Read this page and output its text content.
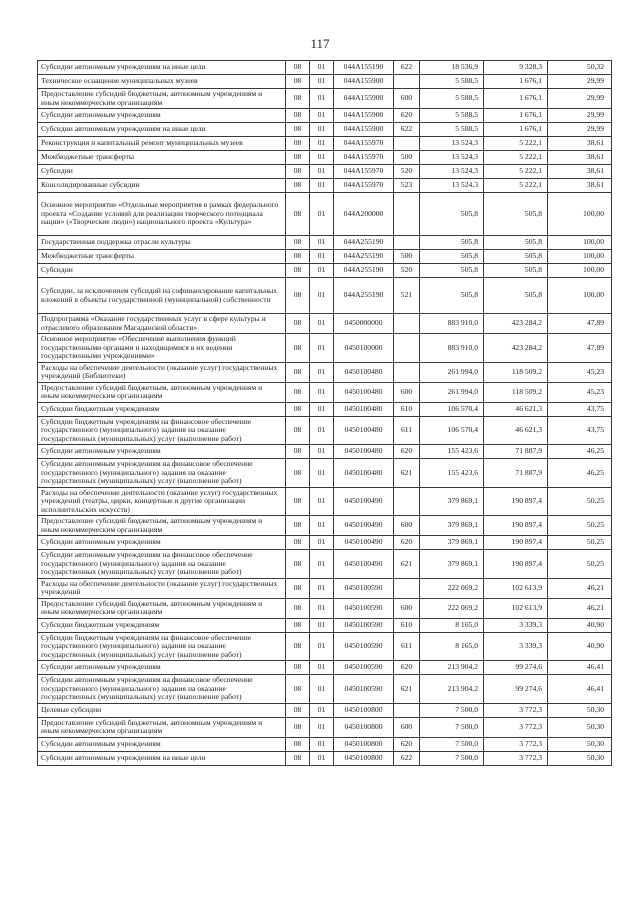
117
Субсидии автономным учреждениям на иные цели	08	01	044A155190	622	18 536,9	9 328,3	50,32
Техническое оснащение муниципальных музеев	08	01	044A155900		5 588,5	1 676,1	29,99
Предоставление субсидий бюджетным, автономным учреждениям и иным некоммерческим организациям	08	01	044A155900	600	5 588,5	1 676,1	29,99
Субсидии автономным учреждениям	08	01	044A155900	620	5 588,5	1 676,1	29,99
Субсидии автономным учреждениям на иные цели	08	01	044A155900	622	5 588,5	1 676,1	29,99
Реконструкция и капитальный ремонт муниципальных музеев	08	01	044A155970		13 524,3	5 222,1	38,61
Межбюджетные трансферты	08	01	044A155970	500	13 524,3	5 222,1	38,61
Субсидии	08	01	044A155970	520	13 524,3	5 222,1	38,61
Консолидированные субсидии	08	01	044A155970	523	13 524,3	5 222,1	38,61
Основное мероприятие «Отдельные мероприятия в рамках федерального проекта «Создание условий для реализации творческого потенциала нации» («Творческие люди») национального проекта «Культура»	08	01	044A200000		505,8	505,8	100,00
Государственная поддержка отрасли культуры	08	01	044A255190		505,8	505,8	100,00
Межбюджетные трансферты	08	01	044A255190	500	505,8	505,8	100,00
Субсидии	08	01	044A255190	520	505,8	505,8	100,00
Субсидии, за исключением субсидий на софинансирование капитальных вложений в объекты государственной (муниципальной) собственности	08	01	044A255190	521	505,8	505,8	100,00
Подпрограмма «Оказание государственных услуг в сфере культуры и отраслевого образования Магаданской области»	08	01	0450000000		883 910,0	423 284,2	47,89
Основное мероприятие «Обеспечение выполнения функций государственными органами и находящимися в их ведении государственными учреждениями»	08	01	0450100000		883 910,0	423 284,2	47,89
Расходы на обеспечение деятельности (оказание услуг) государственных учреждений (Библиотеки)	08	01	0450100480		261 994,0	118 509,2	45,23
Предоставление субсидий бюджетным, автономным учреждениям и иным некоммерческим организациям	08	01	0450100480	600	261 994,0	118 509,2	45,23
Субсидии бюджетным учреждениям	08	01	0450100480	610	106 570,4	46 621,3	43,75
Субсидии бюджетным учреждениям на финансовое обеспечение государственного (муниципального) задания на оказание государственных (муниципальных) услуг (выполнение работ)	08	01	0450100480	611	106 570,4	46 621,3	43,75
Субсидии автономным учреждениям	08	01	0450100480	620	155 423,6	71 887,9	46,25
Субсидии автономным учреждениям на финансовое обеспечение государственного (муниципального) задания на оказание государственных (муниципальных) услуг (выполнение работ)	08	01	0450100480	621	155 423,6	71 887,9	46,25
Расходы на обеспечение деятельности (оказание услуг) государственных учреждений (театры, цирки, концертные и другие организации исполнительских искусств)	08	01	0450100490		379 869,1	190 897,4	50,25
Предоставление субсидий бюджетным, автономным учреждениям и иным некоммерческим организациям	08	01	0450100490	600	379 869,1	190 897,4	50,25
Субсидии автономным учреждениям	08	01	0450100490	620	379 869,1	190 897,4	50,25
Субсидии автономным учреждениям на финансовое обеспечение государственного (муниципального) задания на оказание государственных (муниципальных) услуг (выполнение работ)	08	01	0450100490	621	379 869,1	190 897,4	50,25
Расходы на обеспечение деятельности (оказание услуг) государственных учреждений	08	01	0450100590		222 069,2	102 613,9	46,21
Предоставление субсидий бюджетным, автономным учреждениям и иным некоммерческим организациям	08	01	0450100590	600	222 069,2	102 613,9	46,21
Субсидии бюджетным учреждениям	08	01	0450100590	610	8 165,0	3 339,3	40,90
Субсидии бюджетным учреждениям на финансовое обеспечение государственного (муниципального) задания на оказание государственных (муниципальных) услуг (выполнение работ)	08	01	0450100590	611	8 165,0	3 339,3	40,90
Субсидии автономным учреждениям	08	01	0450100590	620	213 904,2	99 274,6	46,41
Субсидии автономным учреждениям на финансовое обеспечение государственного (муниципального) задания на оказание государственных (муниципальных) услуг (выполнение работ)	08	01	0450100590	621	213 904,2	99 274,6	46,41
Целевые субсидии	08	01	0450100800		7 500,0	3 772,3	50,30
Предоставление субсидий бюджетным, автономным учреждениям и иным некоммерческим организациям	08	01	0450100800	600	7 500,0	3 772,3	50,30
Субсидии автономным учреждениям	08	01	0450100800	620	7 500,0	3 772,3	50,30
Субсидии автономным учреждениям на иные цели	08	01	0450100800	622	7 500,0	3 772,3	50,30
